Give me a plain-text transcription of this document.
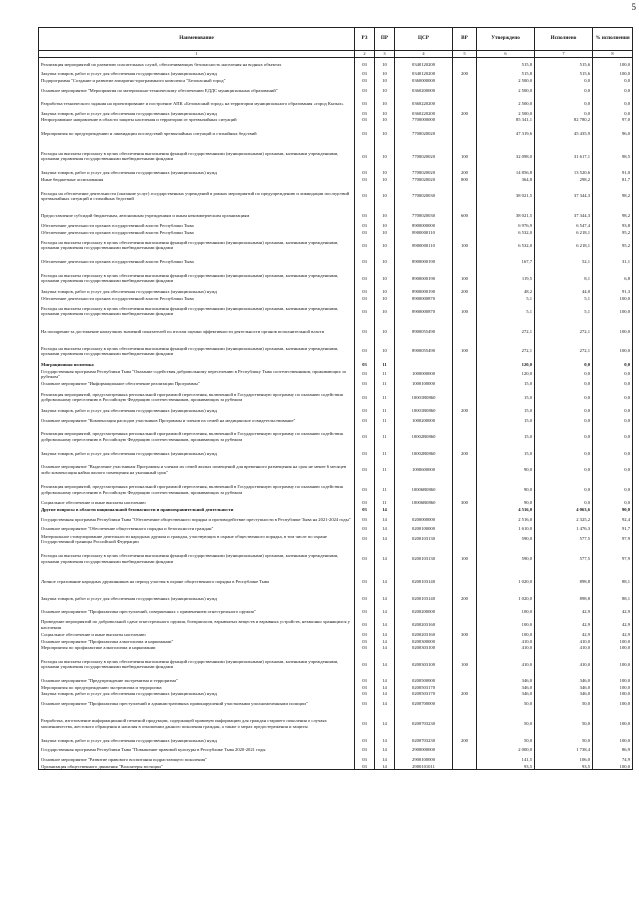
5
Наименование	РЗ	ПР	ЦСР	ВР	Утверждено	Исполнено	% исполнения
1	2	3	4	5	6	7	8
Реализация мероприятий по развитию спасательных служб, обеспечивающих безопасность населения на водных объектах	03	10	0340120200		515,8	515,6	100,0
Закупка товаров, работ и услуг для обеспечения государственных (муниципальных) нужд	03	10	0340120200	200	515,8	515,6	100,0
Подпрограмма "Создание и развитие аппаратно-программного комплекса "Безопасный город"	03	10	0360000000		2 500,0	0,0	0,0
Основное мероприятие "Мероприятия по материально-техническому обеспечению ЕДДС муниципальных образований"	03	10	0360200000		2 500,0	0,0	0,0
Разработка технического задания на проектирование и построение АПК «Безопасный город» на территории муниципального образования «город Кызыл»	03	10	0360220200		2 500,0	0,0	0,0
Закупка товаров, работ и услуг для обеспечения государственных (муниципальных) нужд	03	10	0360220200	200	2 500,0	0,0	0,0
Непрограммное направление в области защиты населения и территории от чрезвычайных ситуаций	03	10	7700000000		85 341,1	82 780,2	97,0
Мероприятия по предупреждению и ликвидации последствий чрезвычайных ситуаций и стихийных бедствий	03	10	7700020020		47 319,6	45 435,9	96,0
Расходы на выплаты персоналу в целях обеспечения выполнения функций государственными (муниципальными) органами, казенными учреждениями, органами управления государственными внебюджетными фондами	03	10	7700020020	100	32 098,0	31 617,1	98,5
Закупка товаров, работ и услуг для обеспечения государственных (муниципальных) нужд	03	10	7700020020	200	14 856,8	13 520,6	91,0
Иные бюджетные ассигнования	03	10	7700020020	800	364,8	298,2	81,7
Расходы на обеспечение деятельности (оказание услуг) государственных учреждений в рамках мероприятий по предупреждению и ликвидации последствий чрезвычайных ситуаций и стихийных бедствий	03	10	7700020030		38 021,5	37 344,3	98,2
Предоставление субсидий бюджетным, автономным учреждениям и иным некоммерческим организациям	03	10	7700020030	600	38 021,5	37 344,3	98,2
Обеспечение деятельности органов государственной власти Республики Тыва	03	10	8900000000		6 976,9	6 547,4	93,8
Обеспечение деятельности органов государственной власти Республики Тыва	03	10	8900000110		6 532,0	6 218,1	95,2
Расходы на выплаты персоналу в целях обеспечения выполнения функций государственными (муниципальными) органами, казенными учреждениями, органами управления государственными внебюджетными фондами	03	10	8900000110	100	6 532,0	6 218,1	95,2
Обеспечение деятельности органов государственной власти Республики Тыва	03	10	8900000190		167,7	52,1	31,1
Расходы на выплаты персоналу в целях обеспечения выполнения функций государственными (муниципальными) органами, казенными учреждениями, органами управления государственными внебюджетными фондами	03	10	8900000190	100	119,5	8,1	6,8
Закупка товаров, работ и услуг для обеспечения государственных (муниципальных) нужд	03	10	8900000190	200	48,2	44,0	91,3
Обеспечение деятельности органов государственной власти Республики Тыва	03	10	8900000870		5,1	5,1	100,0
Расходы на выплаты персоналу в целях обеспечения выполнения функций государственными (муниципальными) органами, казенными учреждениями, органами управления государственными внебюджетными фондами	03	10	8900000870	100	5,1	5,1	100,0
На поощрение за достижение наилучших значений показателей по итогам оценки эффективности деятельности органов исполнительной власти	03	10	8900055490		272,1	272,1	100,0
Расходы на выплаты персоналу в целях обеспечения выполнения функций государственными (муниципальными) органами, казенными учреждениями, органами управления государственными внебюджетными фондами	03	10	8900055490	100	272,1	272,1	100,0
Миграционная политика	03	11			120,0	0,0	0,0
Государственная программа Республики Тыва "Оказание содействия добровольному переселению в Республику Тыва соотечественников, проживающих за рубежом"	03	11	1000000000		120,0	0,0	0,0
Основное мероприятие "Информационное обеспечение реализации Программы"	03	11	1000100000		15,0	0,0	0,0
Реализация мероприятий, предусмотренных региональной программой переселения, включенной в Государственную программу по оказанию содействия добровольному переселению в Российскую Федерацию соотечественников, проживающих за рубежом	03	11	10001R0860		15,0	0,0	0,0
Закупка товаров, работ и услуг для обеспечения государственных (муниципальных) нужд	03	11	10001R0860	200	15,0	0,0	0,0
Основное мероприятие "Компенсация расходов участников Программы и членов их семей на медицинское освидетельствование"	03	11	1000200000		15,0	0,0	0,0
Реализация мероприятий, предусмотренных региональной программой переселения, включенной в Государственную программу по оказанию содействия добровольному переселению в Российскую Федерацию соотечественников, проживающих за рубежом	03	11	10002R0860		15,0	0,0	0,0
Закупка товаров, работ и услуг для обеспечения государственных (муниципальных) нужд	03	11	10002R0860	200	15,0	0,0	0,0
Основное мероприятие "Выделение участникам Программы и членам их семей жилых помещений для временного размещения на срок не менее 6 месяцев либо компенсация найма жилого помещения на указанный срок"	03	11	1000600000		90,0	0,0	0,0
Реализация мероприятий, предусмотренных региональной программой переселения, включенной в Государственную программу по оказанию содействия добровольному переселению в Российскую Федерацию соотечественников, проживающих за рубежом	03	11	10006R0860		90,0	0,0	0,0
Социальное обеспечение и иные выплаты населению	03	11	10006R0860	300	90,0	0,0	0,0
Другие вопросы в области национальной безопасности и правоохранительной деятельности	03	14			4 516,0	4 063,6	90,0
Государственная программа Республики Тыва "Обеспечение общественного порядка и противодействие преступности в Республике Тыва на 2021-2024 годы"	03	14	0200000000		2 516,0	2 325,2	92,4
Основное мероприятие "Обеспечение общественного порядка и безопасности граждан"	03	14	0200100000		1 610,0	1 476,3	91,7
Материальное стимулирование деятельности народных дружин и граждан, участвующих в охране общественного порядка, в том числе по охране Государственной границы Российской Федерации	03	14	0200103130		590,0	577,5	97,9
Расходы на выплаты персоналу в целях обеспечения выполнения функций государственными (муниципальными) органами, казенными учреждениями, органами управления государственными внебюджетными фондами	03	14	0200103130	100	590,0	577,5	97,9
Личное страхование народных дружинников на период участия в охране общественного порядка в Республике Тыва	03	14	0200103140		1 020,0	898,8	88,1
Закупка товаров, работ и услуг для обеспечения государственных (муниципальных) нужд	03	14	0200103140	200	1 020,0	898,8	88,1
Основное мероприятие "Профилактика преступлений, совершенных с применением огнестрельного оружия"	03	14	0200200000		100,0	42,9	42,9
Проведение мероприятий по добровольной сдаче огнестрельного оружия, боеприпасов, взрывчатых веществ и взрывных устройств, незаконно хранящихся у населения	03	14	0200203160		100,0	42,9	42,9
Социальное обеспечение и иные выплаты населению	03	14	0200203160	300	100,0	42,9	42,9
Основное мероприятие "Профилактика алкоголизма и наркомании"	03	14	0200300000		410,0	410,0	100,0
Мероприятия по профилактике алкоголизма и наркомании	03	14	0200303100		410,0	410,0	100,0
Расходы на выплаты персоналу в целях обеспечения выполнения функций государственными (муниципальными) органами, казенными учреждениями, органами управления государственными внебюджетными фондами	03	14	0200303100	100	410,0	410,0	100,0
Основное мероприятие "Предупреждение экстремизма и терроризма"	03	14	0200500000		346,0	346,0	100,0
Мероприятия по предупреждению экстремизма и терроризма	03	14	0200503170		346,0	346,0	100,0
Закупка товаров, работ и услуг для обеспечения государственных (муниципальных) нужд	03	14	0200503170	200	346,0	346,0	100,0
Основное мероприятие "Профилактика преступлений и административных правонарушений участковыми уполномоченными полиции"	03	14	0200700000		50,0	50,0	100,0
Разработка, изготовление информационной печатной продукции, содержащей правовую информацию для граждан старшего поколения о случаях мошенничества, жестокого обращения и насилия в отношении данного поколения граждан, а также о мерах предостережения и защиты	03	14	0200703230		50,0	50,0	100,0
Закупка товаров, работ и услуг для обеспечения государственных (муниципальных) нужд	03	14	0200703230	200	50,0	50,0	100,0
Государственная программа Республики Тыва "Повышение правовой культуры в Республике Тыва 2020-2021 годы	03	14	2900000000		2 000,0	1 738,4	86,9
Основное мероприятие "Развитие правового воспитания подрастающего поколения"	03	14	2900100000		141,5	106,0	74,9
Организация общественного движения "Волонтеры юстиции"	03	14	2900101011		93,5	93,5	100,0
